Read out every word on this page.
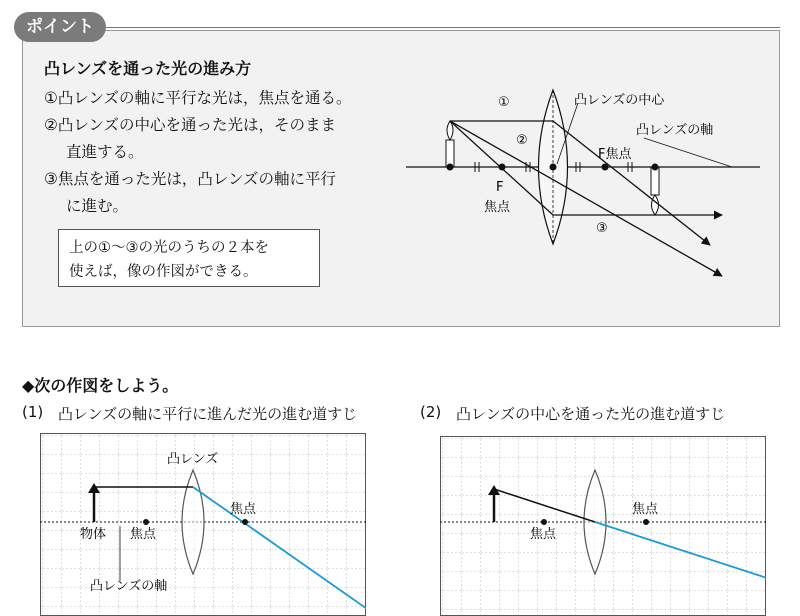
ポイント
凸レンズを通った光の進み方
①凸レンズの軸に平行な光は，焦点を通る。
②凸レンズの中心を通った光は，そのまま
直進する。
③焦点を通った光は，凸レンズの軸に平行
に進む。
上の①～③の光のうちの２本を
使えば，像の作図ができる。
①
②
③
凸レンズの中心
凸レンズの軸
F焦点
F
焦点
◆次の作図をしよう。
(1) 凸レンズの軸に平行に進んだ光の進む道すじ	(2) 凸レンズの中心を通った光の進む道すじ
凸レンズ
焦点
物体 焦点
凸レンズの軸
焦点
焦点
